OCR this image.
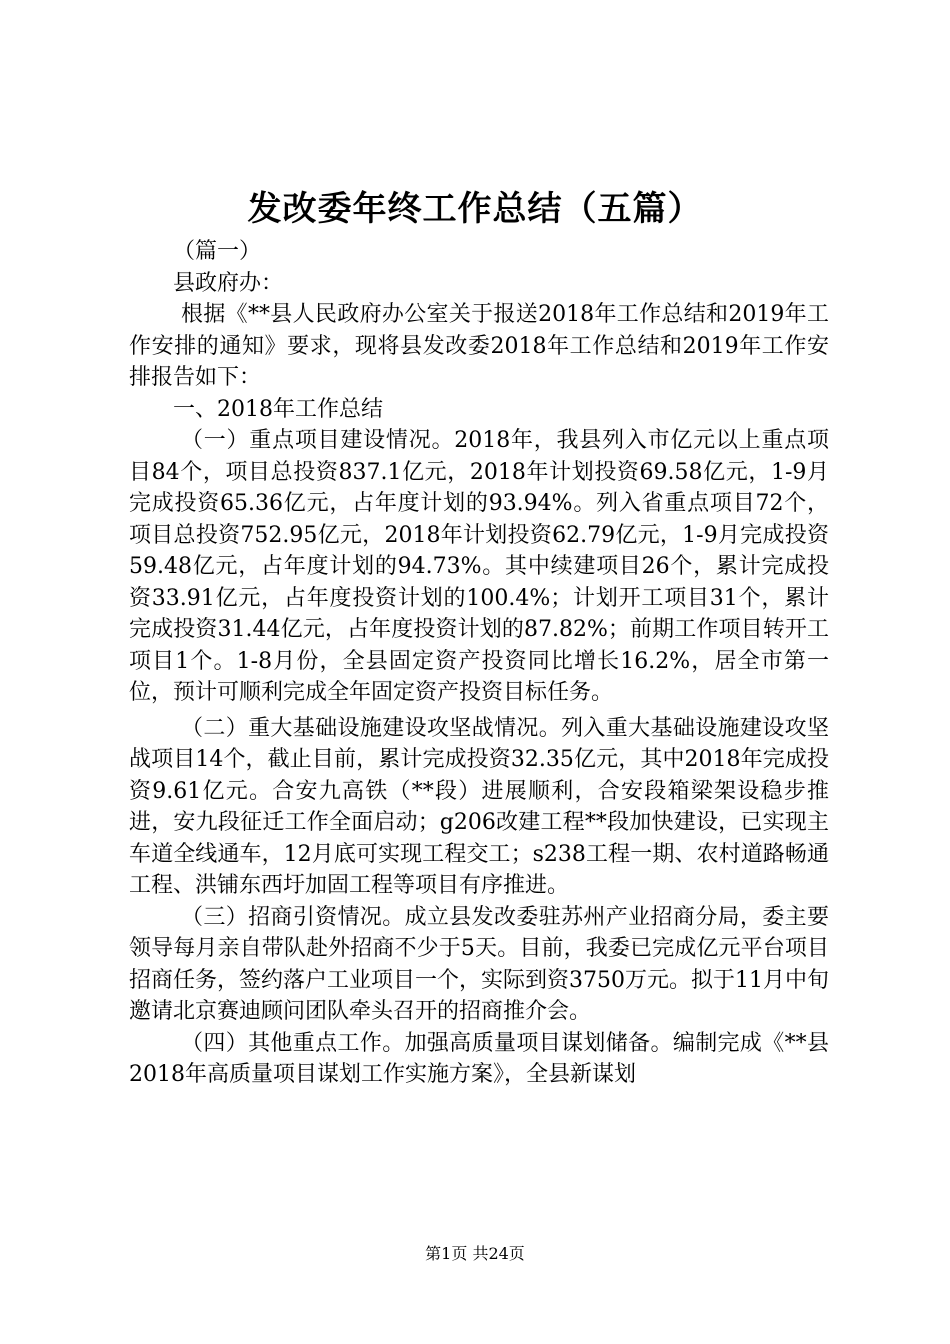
发改委年终工作总结（五篇）

（篇一）

县政府办：

根据《**县人民政府办公室关于报送2018年工作总结和2019年工作安排的通知》要求，现将县发改委2018年工作总结和2019年工作安排报告如下：

一、2018年工作总结

（一）重点项目建设情况。2018年，我县列入市亿元以上重点项目84个，项目总投资837.1亿元，2018年计划投资69.58亿元，1-9月完成投资65.36亿元，占年度计划的93.94%。列入省重点项目72个，项目总投资752.95亿元，2018年计划投资62.79亿元，1-9月完成投资59.48亿元，占年度计划的94.73%。其中续建项目26个，累计完成投资33.91亿元，占年度投资计划的100.4%；计划开工项目31个，累计完成投资31.44亿元，占年度投资计划的87.82%；前期工作项目转开工项目1个。1-8月份，全县固定资产投资同比增长16.2%，居全市第一位，预计可顺利完成全年固定资产投资目标任务。

（二）重大基础设施建设攻坚战情况。列入重大基础设施建设攻坚战项目14个，截止目前，累计完成投资32.35亿元，其中2018年完成投资9.61亿元。合安九高铁（**段）进展顺利，合安段箱梁架设稳步推进，安九段征迁工作全面启动；g206改建工程**段加快建设，已实现主车道全线通车，12月底可实现工程交工；s238工程一期、农村道路畅通工程、洪铺东西圩加固工程等项目有序推进。

（三）招商引资情况。成立县发改委驻苏州产业招商分局，委主要领导每月亲自带队赴外招商不少于5天。目前，我委已完成亿元平台项目招商任务，签约落户工业项目一个，实际到资3750万元。拟于11月中旬邀请北京赛迪顾问团队牵头召开的招商推介会。

（四）其他重点工作。加强高质量项目谋划储备。编制完成《**县2018年高质量项目谋划工作实施方案》，全县新谋划

第1页 共24页
